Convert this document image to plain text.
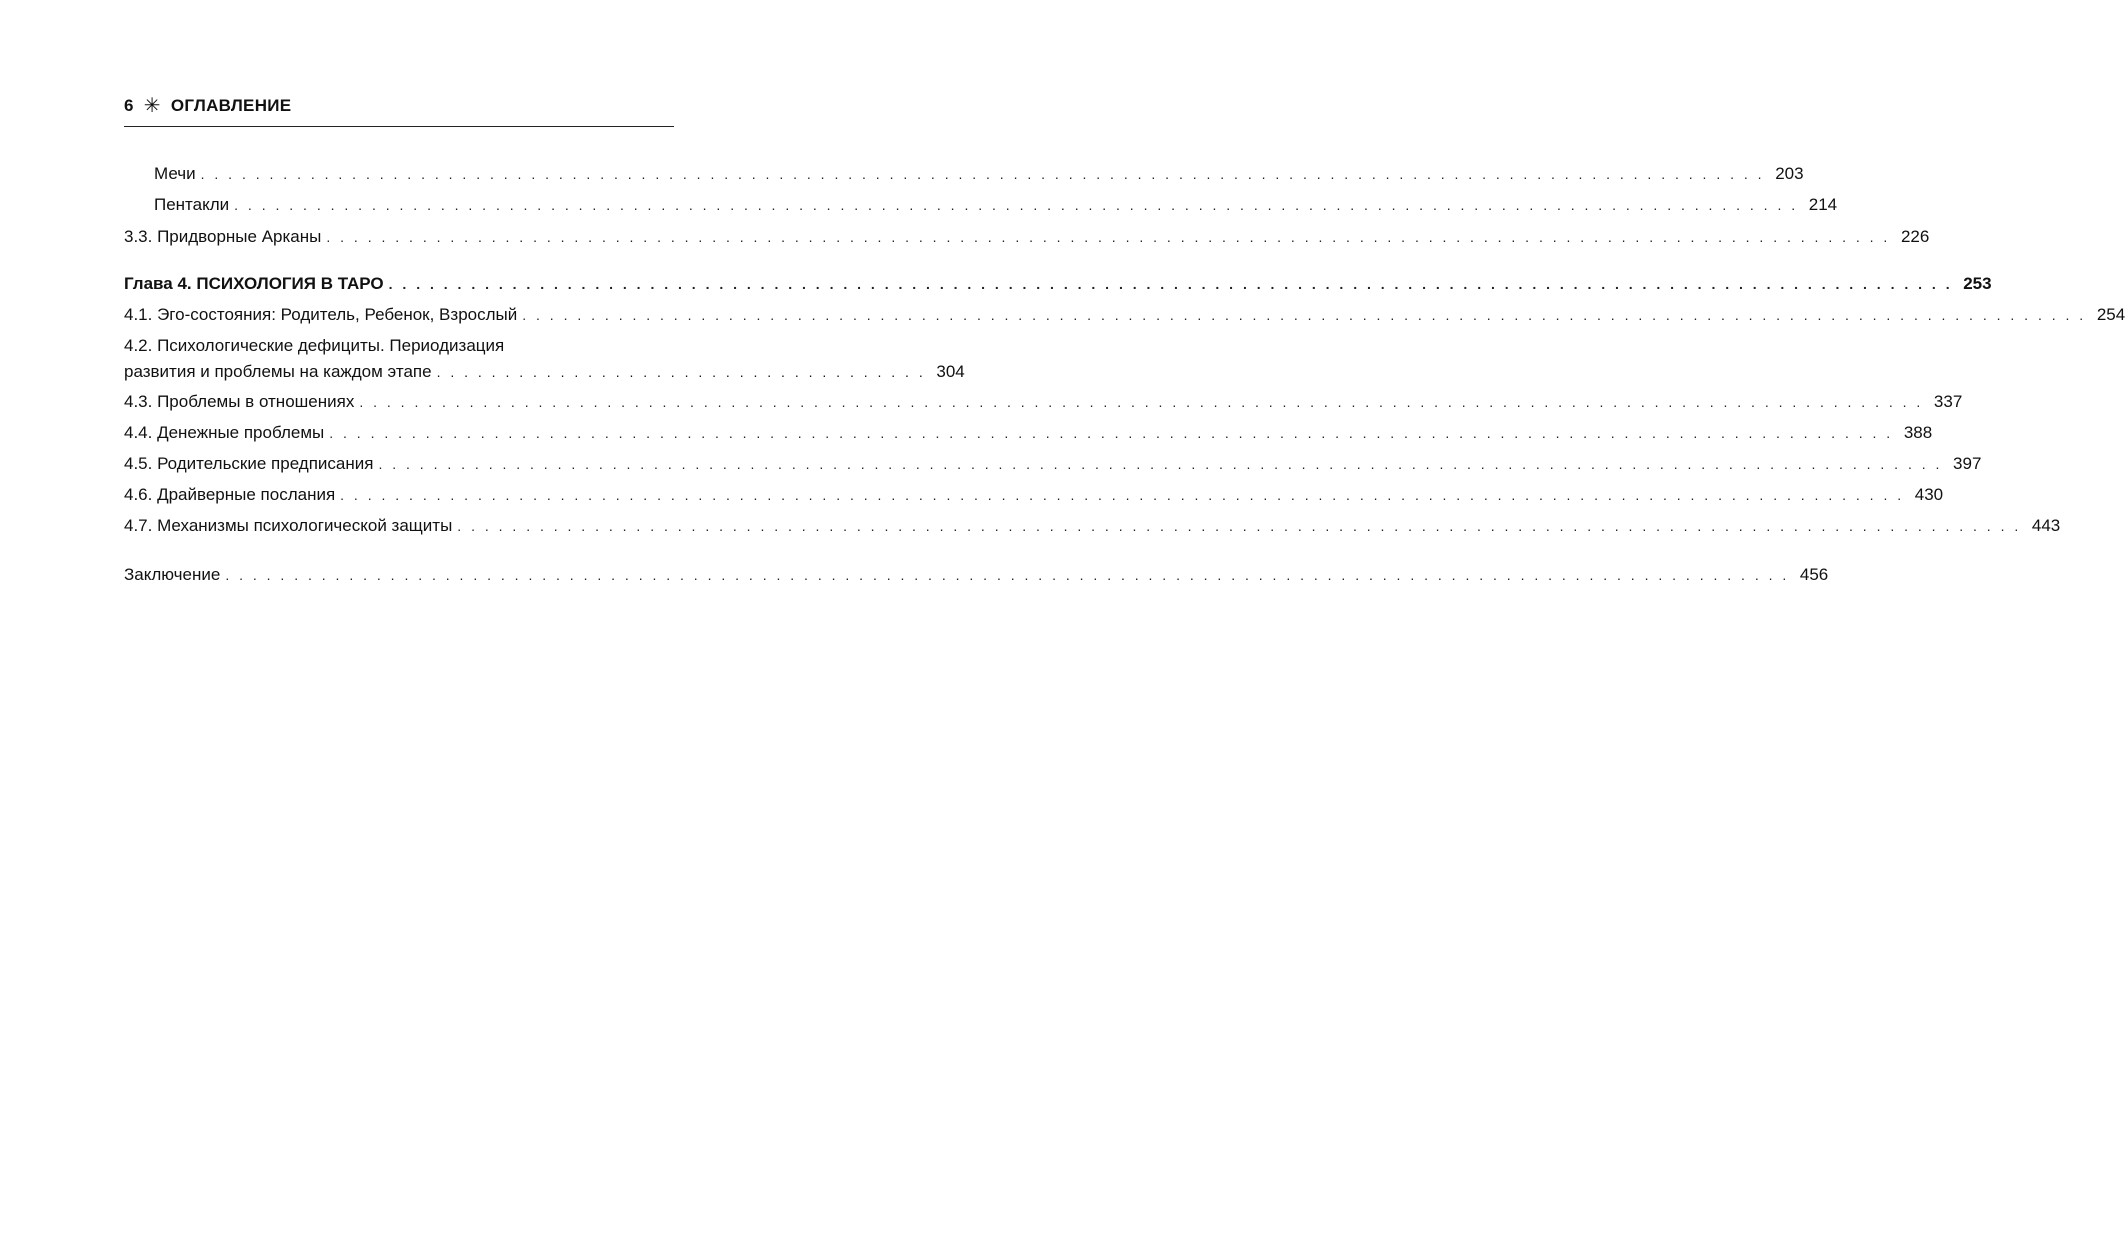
6 ✳ ОГЛАВЛЕНИЕ
Мечи . . .	203
Пентакли . . .	214
3.3. Придворные Арканы . . .	226
Глава 4. ПСИХОЛОГИЯ В ТАРО . . .	253
4.1. Эго-состояния: Родитель, Ребенок, Взрослый . . .	254
4.2. Психологические дефициты. Периодизация
развития и проблемы на каждом этапе . . . . . . . . . . . . . . . . . . . . . . . . . . . . . . . . . . . . 304
4.3. Проблемы в отношениях . . .	337
4.4. Денежные проблемы . . .	388
4.5. Родительские предписания . . .	397
4.6. Драйверные послания . . .	430
4.7. Механизмы психологической защиты . . .	443
Заключение . . .	456
